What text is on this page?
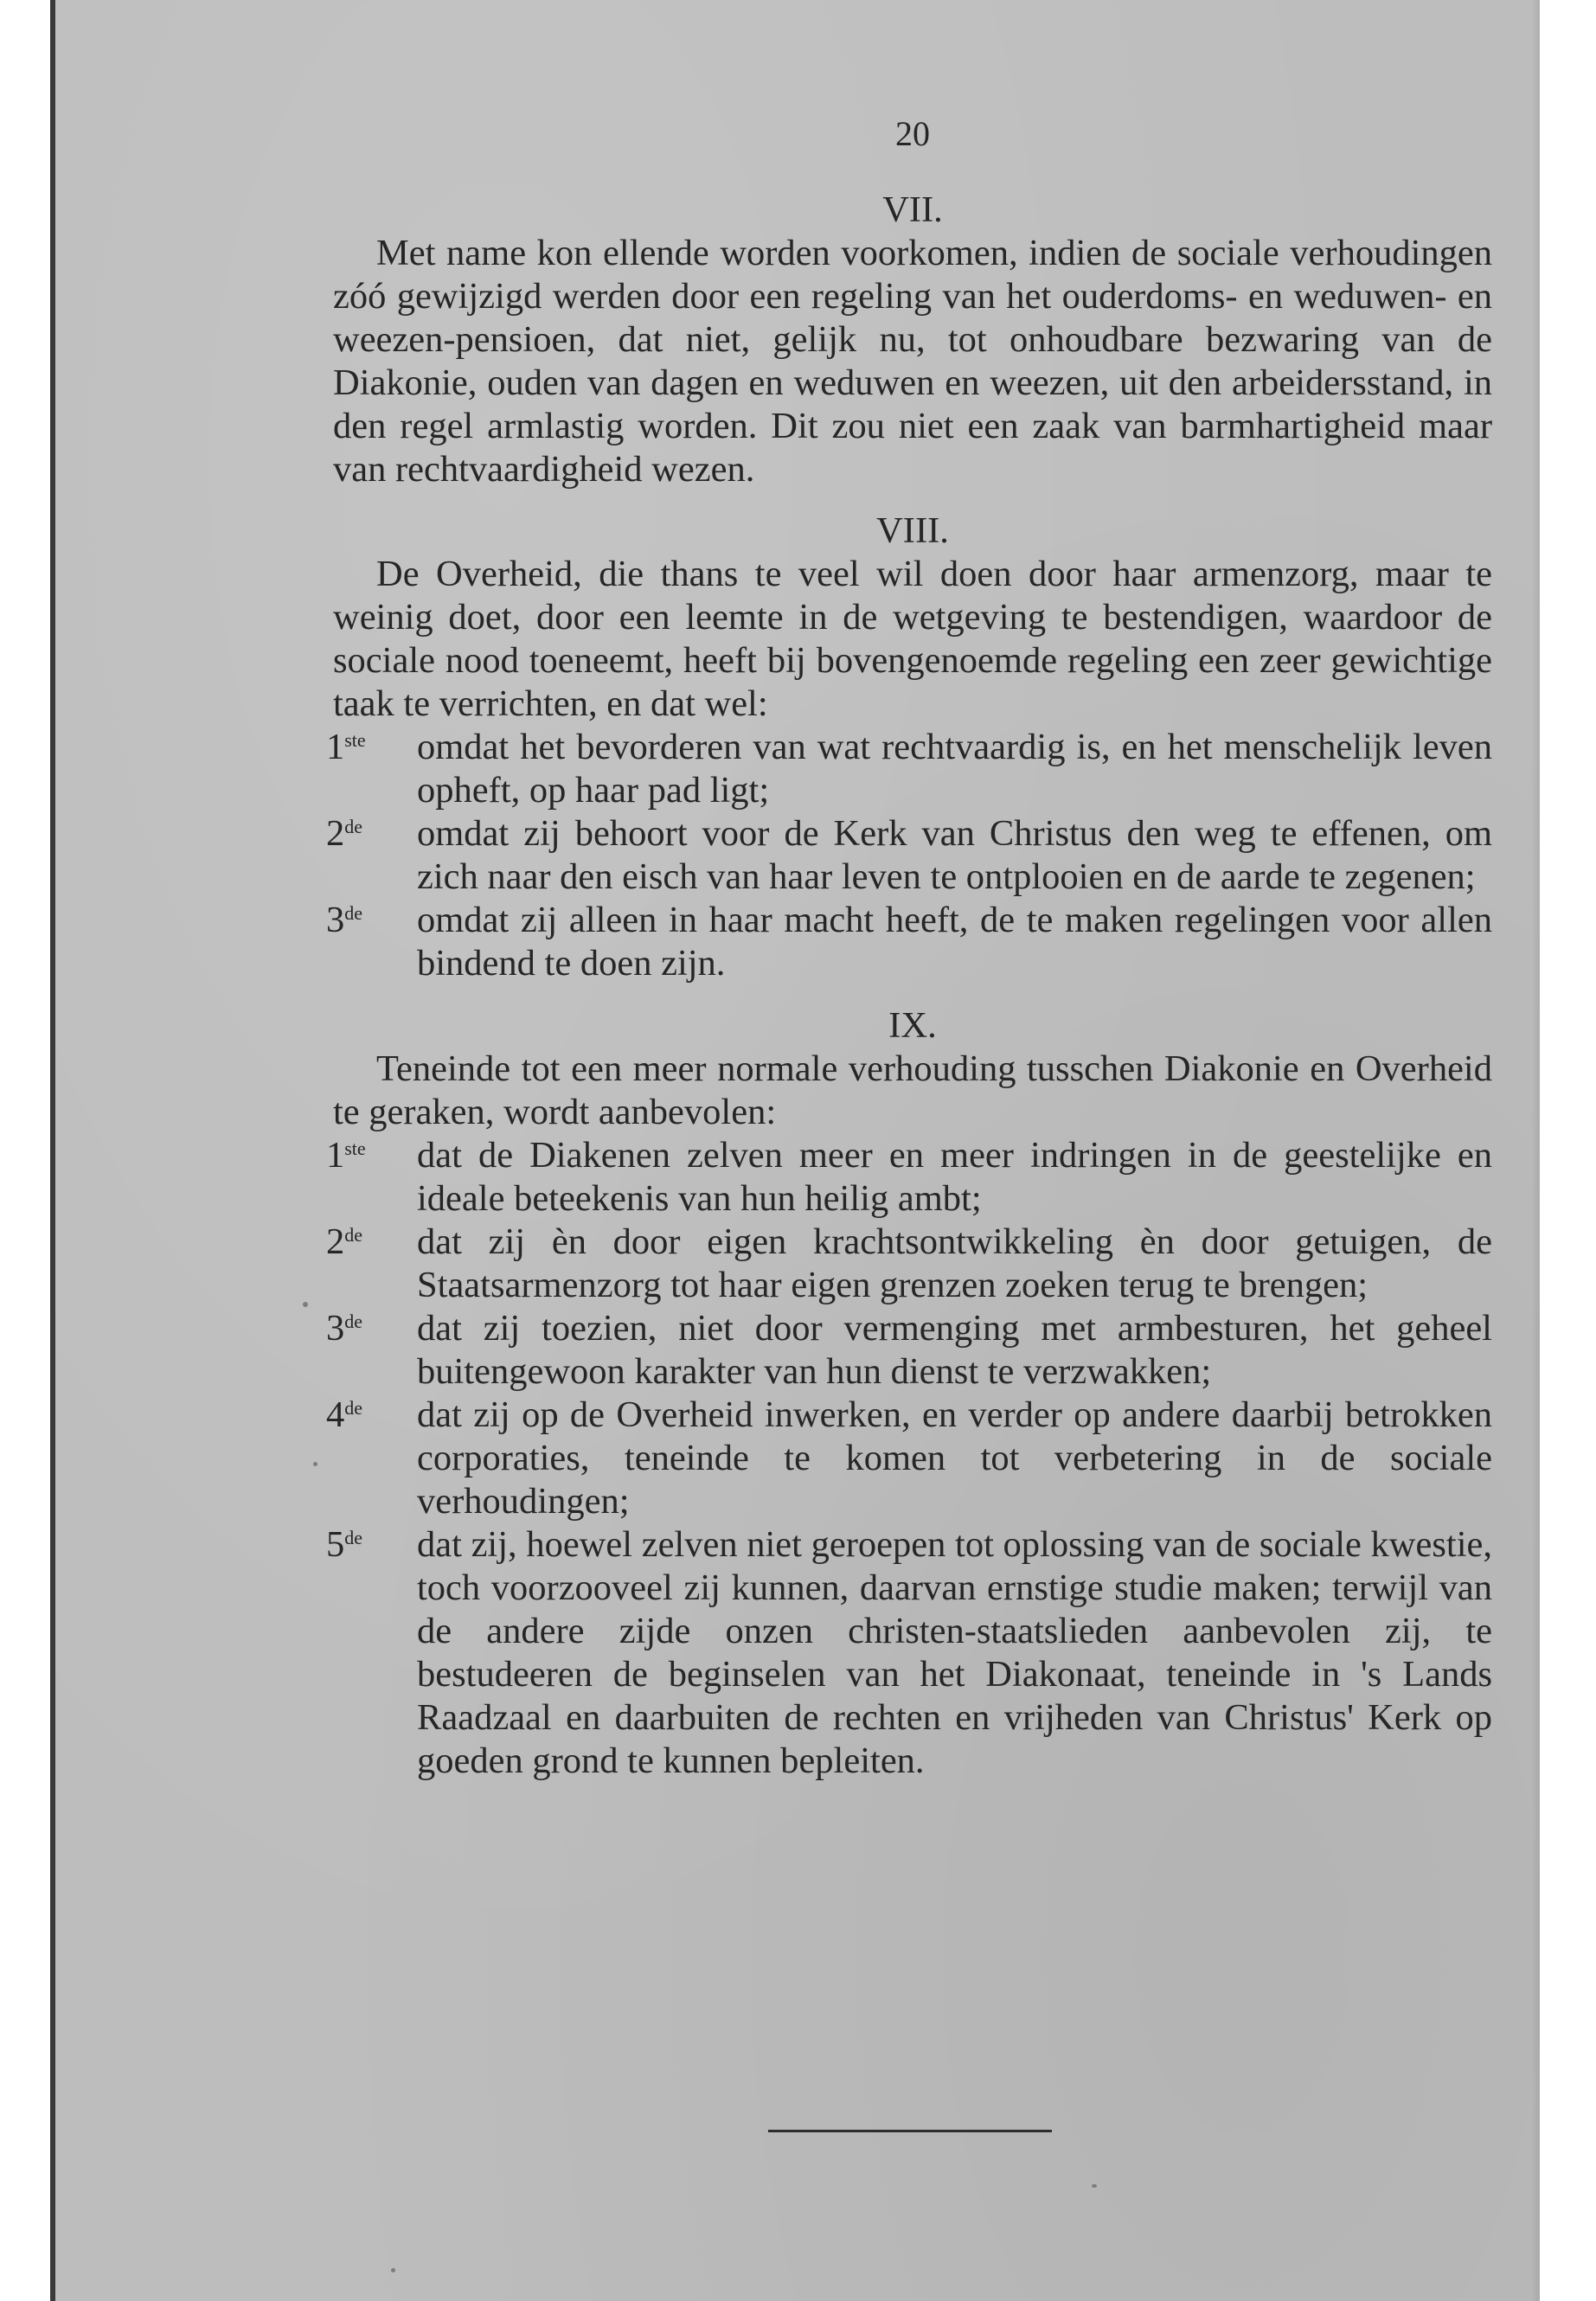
20
VII.

Met name kon ellende worden voorkomen, indien de sociale verhoudingen zóó gewijzigd werden door een regeling van het ouderdoms- en weduwen- en weezen-pensioen, dat niet, gelijk nu, tot onhoudbare bezwaring van de Diakonie, ouden van dagen en weduwen en weezen, uit den arbeidersstand, in den regel armlastig worden. Dit zou niet een zaak van barmhartigheid maar van rechtvaardigheid wezen.

VIII.

De Overheid, die thans te veel wil doen door haar armenzorg, maar te weinig doet, door een leemte in de wetgeving te bestendigen, waardoor de sociale nood toeneemt, heeft bij bovengenoemde regeling een zeer gewichtige taak te verrichten, en dat wel:

1ste omdat het bevorderen van wat rechtvaardig is, en het menschelijk leven opheft, op haar pad ligt;
2de omdat zij behoort voor de Kerk van Christus den weg te effenen, om zich naar den eisch van haar leven te ontplooien en de aarde te zegenen;
3de omdat zij alleen in haar macht heeft, de te maken regelingen voor allen bindend te doen zijn.
IX.

Teneinde tot een meer normale verhouding tusschen Diakonie en Overheid te geraken, wordt aanbevolen:

1ste dat de Diakenen zelven meer en meer indringen in de geestelijke en ideale beteekenis van hun heilig ambt;
2de dat zij èn door eigen krachtsontwikkeling èn door getuigen, de Staatsarmenzorg tot haar eigen grenzen zoeken terug te brengen;
3de dat zij toezien, niet door vermenging met armbesturen, het geheel buitengewoon karakter van hun dienst te verzwakken;
4de dat zij op de Overheid inwerken, en verder op andere daarbij betrokken corporaties, teneinde te komen tot verbetering in de sociale verhoudingen;
5de dat zij, hoewel zelven niet geroepen tot oplossing van de sociale kwestie, toch voorzooveel zij kunnen, daarvan ernstige studie maken; terwijl van de andere zijde onzen christen-staatslieden aanbevolen zij, te bestudeeren de beginselen van het Diakonaat, teneinde in 's Lands Raadzaal en daarbuiten de rechten en vrijheden van Christus' Kerk op goeden grond te kunnen bepleiten.
